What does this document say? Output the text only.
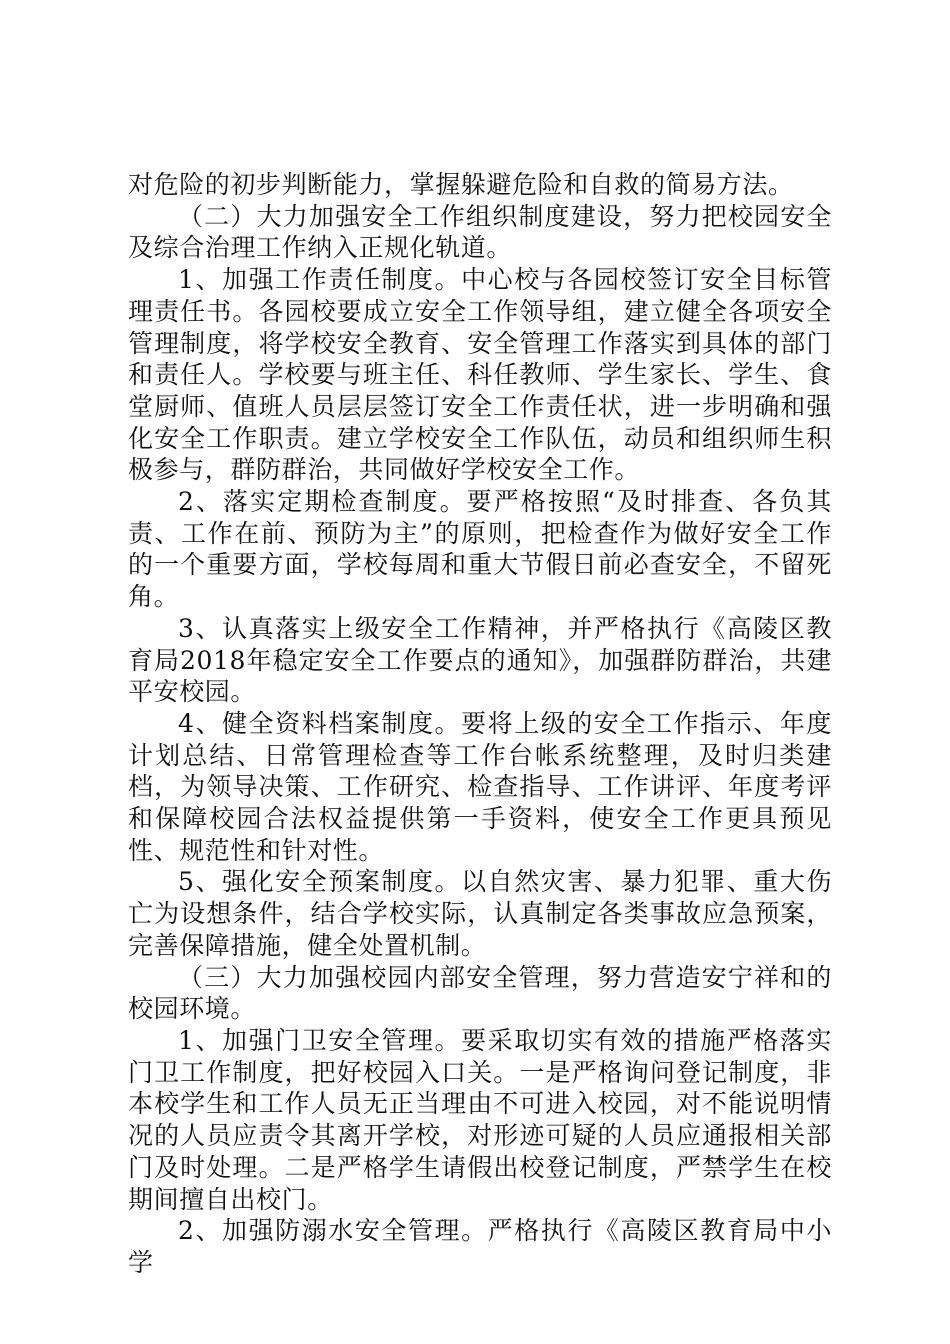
对危险的初步判断能力，掌握躲避危险和自救的简易方法。

（二）大力加强安全工作组织制度建设，努力把校园安全及综合治理工作纳入正规化轨道。

1、加强工作责任制度。中心校与各园校签订安全目标管理责任书。各园校要成立安全工作领导组，建立健全各项安全管理制度，将学校安全教育、安全管理工作落实到具体的部门和责任人。学校要与班主任、科任教师、学生家长、学生、食堂厨师、值班人员层层签订安全工作责任状，进一步明确和强化安全工作职责。建立学校安全工作队伍，动员和组织师生积极参与，群防群治，共同做好学校安全工作。

2、落实定期检查制度。要严格按照“及时排查、各负其责、工作在前、预防为主”的原则，把检查作为做好安全工作的一个重要方面，学校每周和重大节假日前必查安全，不留死角。

3、认真落实上级安全工作精神，并严格执行《高陵区教育局2018年稳定安全工作要点的通知》，加强群防群治，共建平安校园。

4、健全资料档案制度。要将上级的安全工作指示、年度计划总结、日常管理检查等工作台帐系统整理，及时归类建档，为领导决策、工作研究、检查指导、工作讲评、年度考评和保障校园合法权益提供第一手资料，使安全工作更具预见性、规范性和针对性。

5、强化安全预案制度。以自然灾害、暴力犯罪、重大伤亡为设想条件，结合学校实际，认真制定各类事故应急预案，完善保障措施，健全处置机制。

（三）大力加强校园内部安全管理，努力营造安宁祥和的校园环境。

1、加强门卫安全管理。要采取切实有效的措施严格落实门卫工作制度，把好校园入口关。一是严格询问登记制度，非本校学生和工作人员无正当理由不可进入校园，对不能说明情况的人员应责令其离开学校，对形迹可疑的人员应通报相关部门及时处理。二是严格学生请假出校登记制度，严禁学生在校期间擅自出校门。

2、加强防溺水安全管理。严格执行《高陵区教育局中小学
